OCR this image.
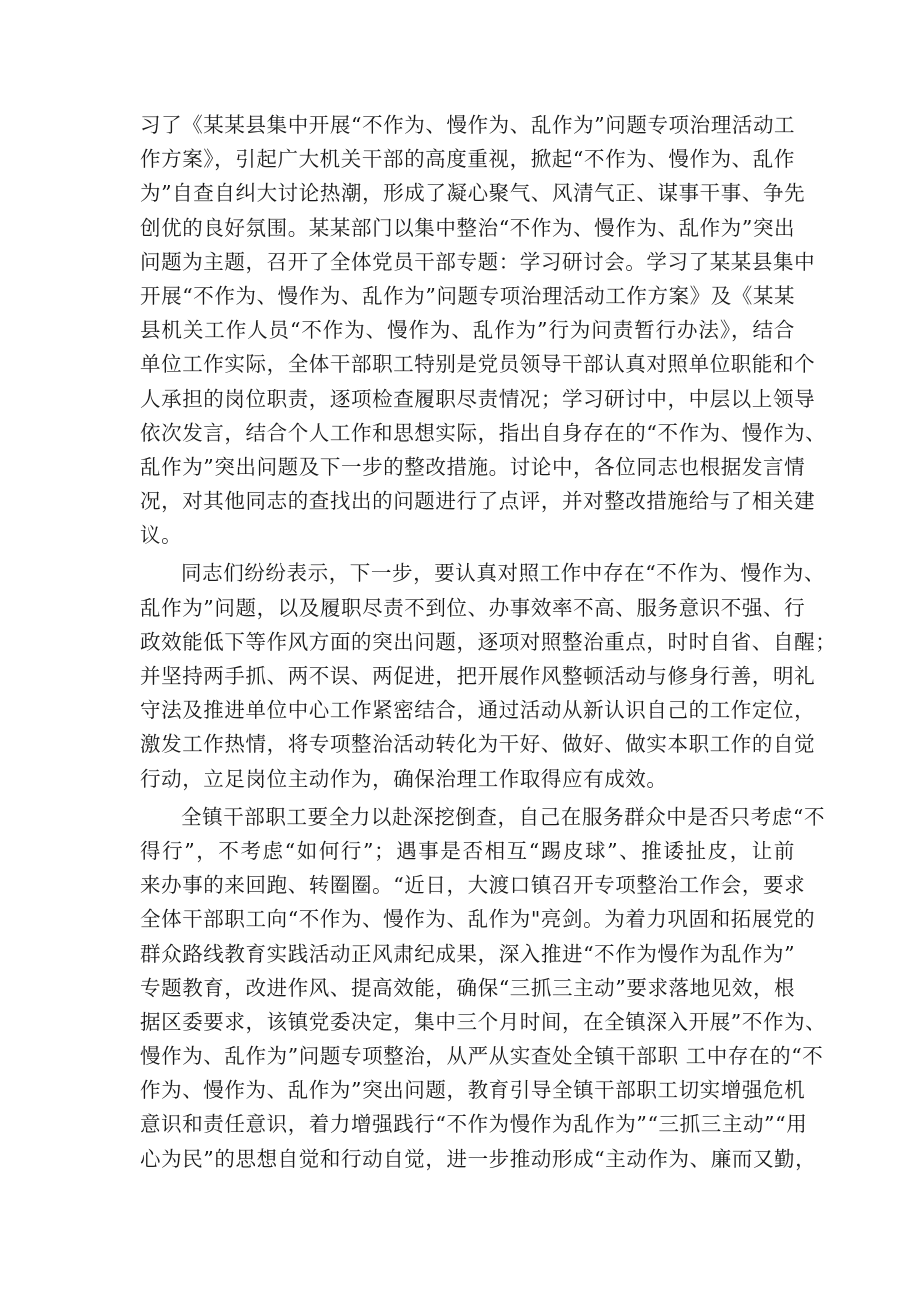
习了《某某县集中开展“不作为、慢作为、乱作为”问题专项治理活动工
作方案》，引起广大机关干部的高度重视，掀起“不作为、慢作为、乱作
为”自查自纠大讨论热潮，形成了凝心聚气、风清气正、谋事干事、争先
创优的良好氛围。某某部门以集中整治“不作为、慢作为、乱作为”突出
问题为主题，召开了全体党员干部专题：学习研讨会。学习了某某县集中
开展“不作为、慢作为、乱作为”问题专项治理活动工作方案》及《某某
县机关工作人员“不作为、慢作为、乱作为”行为问责暂行办法》，结合
单位工作实际，全体干部职工特别是党员领导干部认真对照单位职能和个
人承担的岗位职责，逐项检查履职尽责情况；学习研讨中，中层以上领导
依次发言，结合个人工作和思想实际，指出自身存在的“不作为、慢作为、
乱作为”突出问题及下一步的整改措施。讨论中，各位同志也根据发言情
况，对其他同志的查找出的问题进行了点评，并对整改措施给与了相关建
议。
同志们纷纷表示，下一步，要认真对照工作中存在“不作为、慢作为、
乱作为”问题，以及履职尽责不到位、办事效率不高、服务意识不强、行
政效能低下等作风方面的突出问题，逐项对照整治重点，时时自省、自醒；
并坚持两手抓、两不误、两促进，把开展作风整顿活动与修身行善，明礼
守法及推进单位中心工作紧密结合，通过活动从新认识自己的工作定位，
激发工作热情，将专项整治活动转化为干好、做好、做实本职工作的自觉
行动，立足岗位主动作为，确保治理工作取得应有成效。
全镇干部职工要全力以赴深挖倒查，自己在服务群众中是否只考虑“不
得行”，不考虑“如何行”；遇事是否相互“踢皮球”、推诿扯皮，让前
来办事的来回跑、转圈圈。“近日，大渡口镇召开专项整治工作会，要求
全体干部职工向“不作为、慢作为、乱作为"亮剑。为着力巩固和拓展党的
群众路线教育实践活动正风肃纪成果，深入推进“不作为慢作为乱作为”
专题教育，改进作风、提高效能，确保“三抓三主动”要求落地见效，根
据区委要求，该镇党委决定，集中三个月时间，在全镇深入开展”不作为、
慢作为、乱作为”问题专项整治，从严从实查处全镇干部职 工中存在的“不
作为、慢作为、乱作为”突出问题，教育引导全镇干部职工切实增强危机
意识和责任意识，着力增强践行“不作为慢作为乱作为”“三抓三主动”“用
心为民”的思想自觉和行动自觉，进一步推动形成“主动作为、廉而又勤，
